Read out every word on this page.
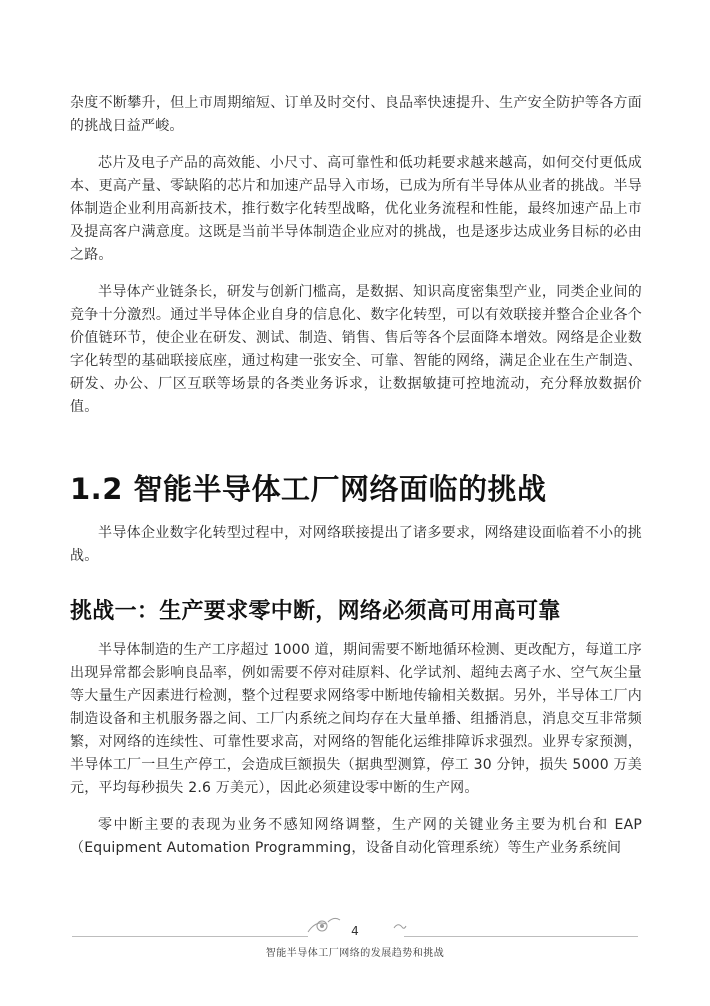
杂度不断攀升，但上市周期缩短、订单及时交付、良品率快速提升、生产安全防护等各方面的挑战日益严峻。

芯片及电子产品的高效能、小尺寸、高可靠性和低功耗要求越来越高，如何交付更低成本、更高产量、零缺陷的芯片和加速产品导入市场，已成为所有半导体从业者的挑战。半导体制造企业利用高新技术，推行数字化转型战略，优化业务流程和性能，最终加速产品上市及提高客户满意度。这既是当前半导体制造企业应对的挑战，也是逐步达成业务目标的必由之路。

半导体产业链条长，研发与创新门槛高，是数据、知识高度密集型产业，同类企业间的竞争十分激烈。通过半导体企业自身的信息化、数字化转型，可以有效联接并整合企业各个价值链环节，使企业在研发、测试、制造、销售、售后等各个层面降本增效。网络是企业数字化转型的基础联接底座，通过构建一张安全、可靠、智能的网络，满足企业在生产制造、研发、办公、厂区互联等场景的各类业务诉求，让数据敏捷可控地流动，充分释放数据价值。

1.2 智能半导体工厂网络面临的挑战

半导体企业数字化转型过程中，对网络联接提出了诸多要求，网络建设面临着不小的挑战。

挑战一：生产要求零中断，网络必须高可用高可靠

半导体制造的生产工序超过 1000 道，期间需要不断地循环检测、更改配方，每道工序出现异常都会影响良品率，例如需要不停对硅原料、化学试剂、超纯去离子水、空气灰尘量等大量生产因素进行检测，整个过程要求网络零中断地传输相关数据。另外，半导体工厂内制造设备和主机服务器之间、工厂内系统之间均存在大量单播、组播消息，消息交互非常频繁，对网络的连续性、可靠性要求高，对网络的智能化运维排障诉求强烈。业界专家预测，半导体工厂一旦生产停工，会造成巨额损失（据典型测算，停工 30 分钟，损失 5000 万美元，平均每秒损失 2.6 万美元），因此必须建设零中断的生产网。

零中断主要的表现为业务不感知网络调整，生产网的关键业务主要为机台和 EAP（Equipment Automation Programming，设备自动化管理系统）等生产业务系统间

4
智能半导体工厂网络的发展趋势和挑战
